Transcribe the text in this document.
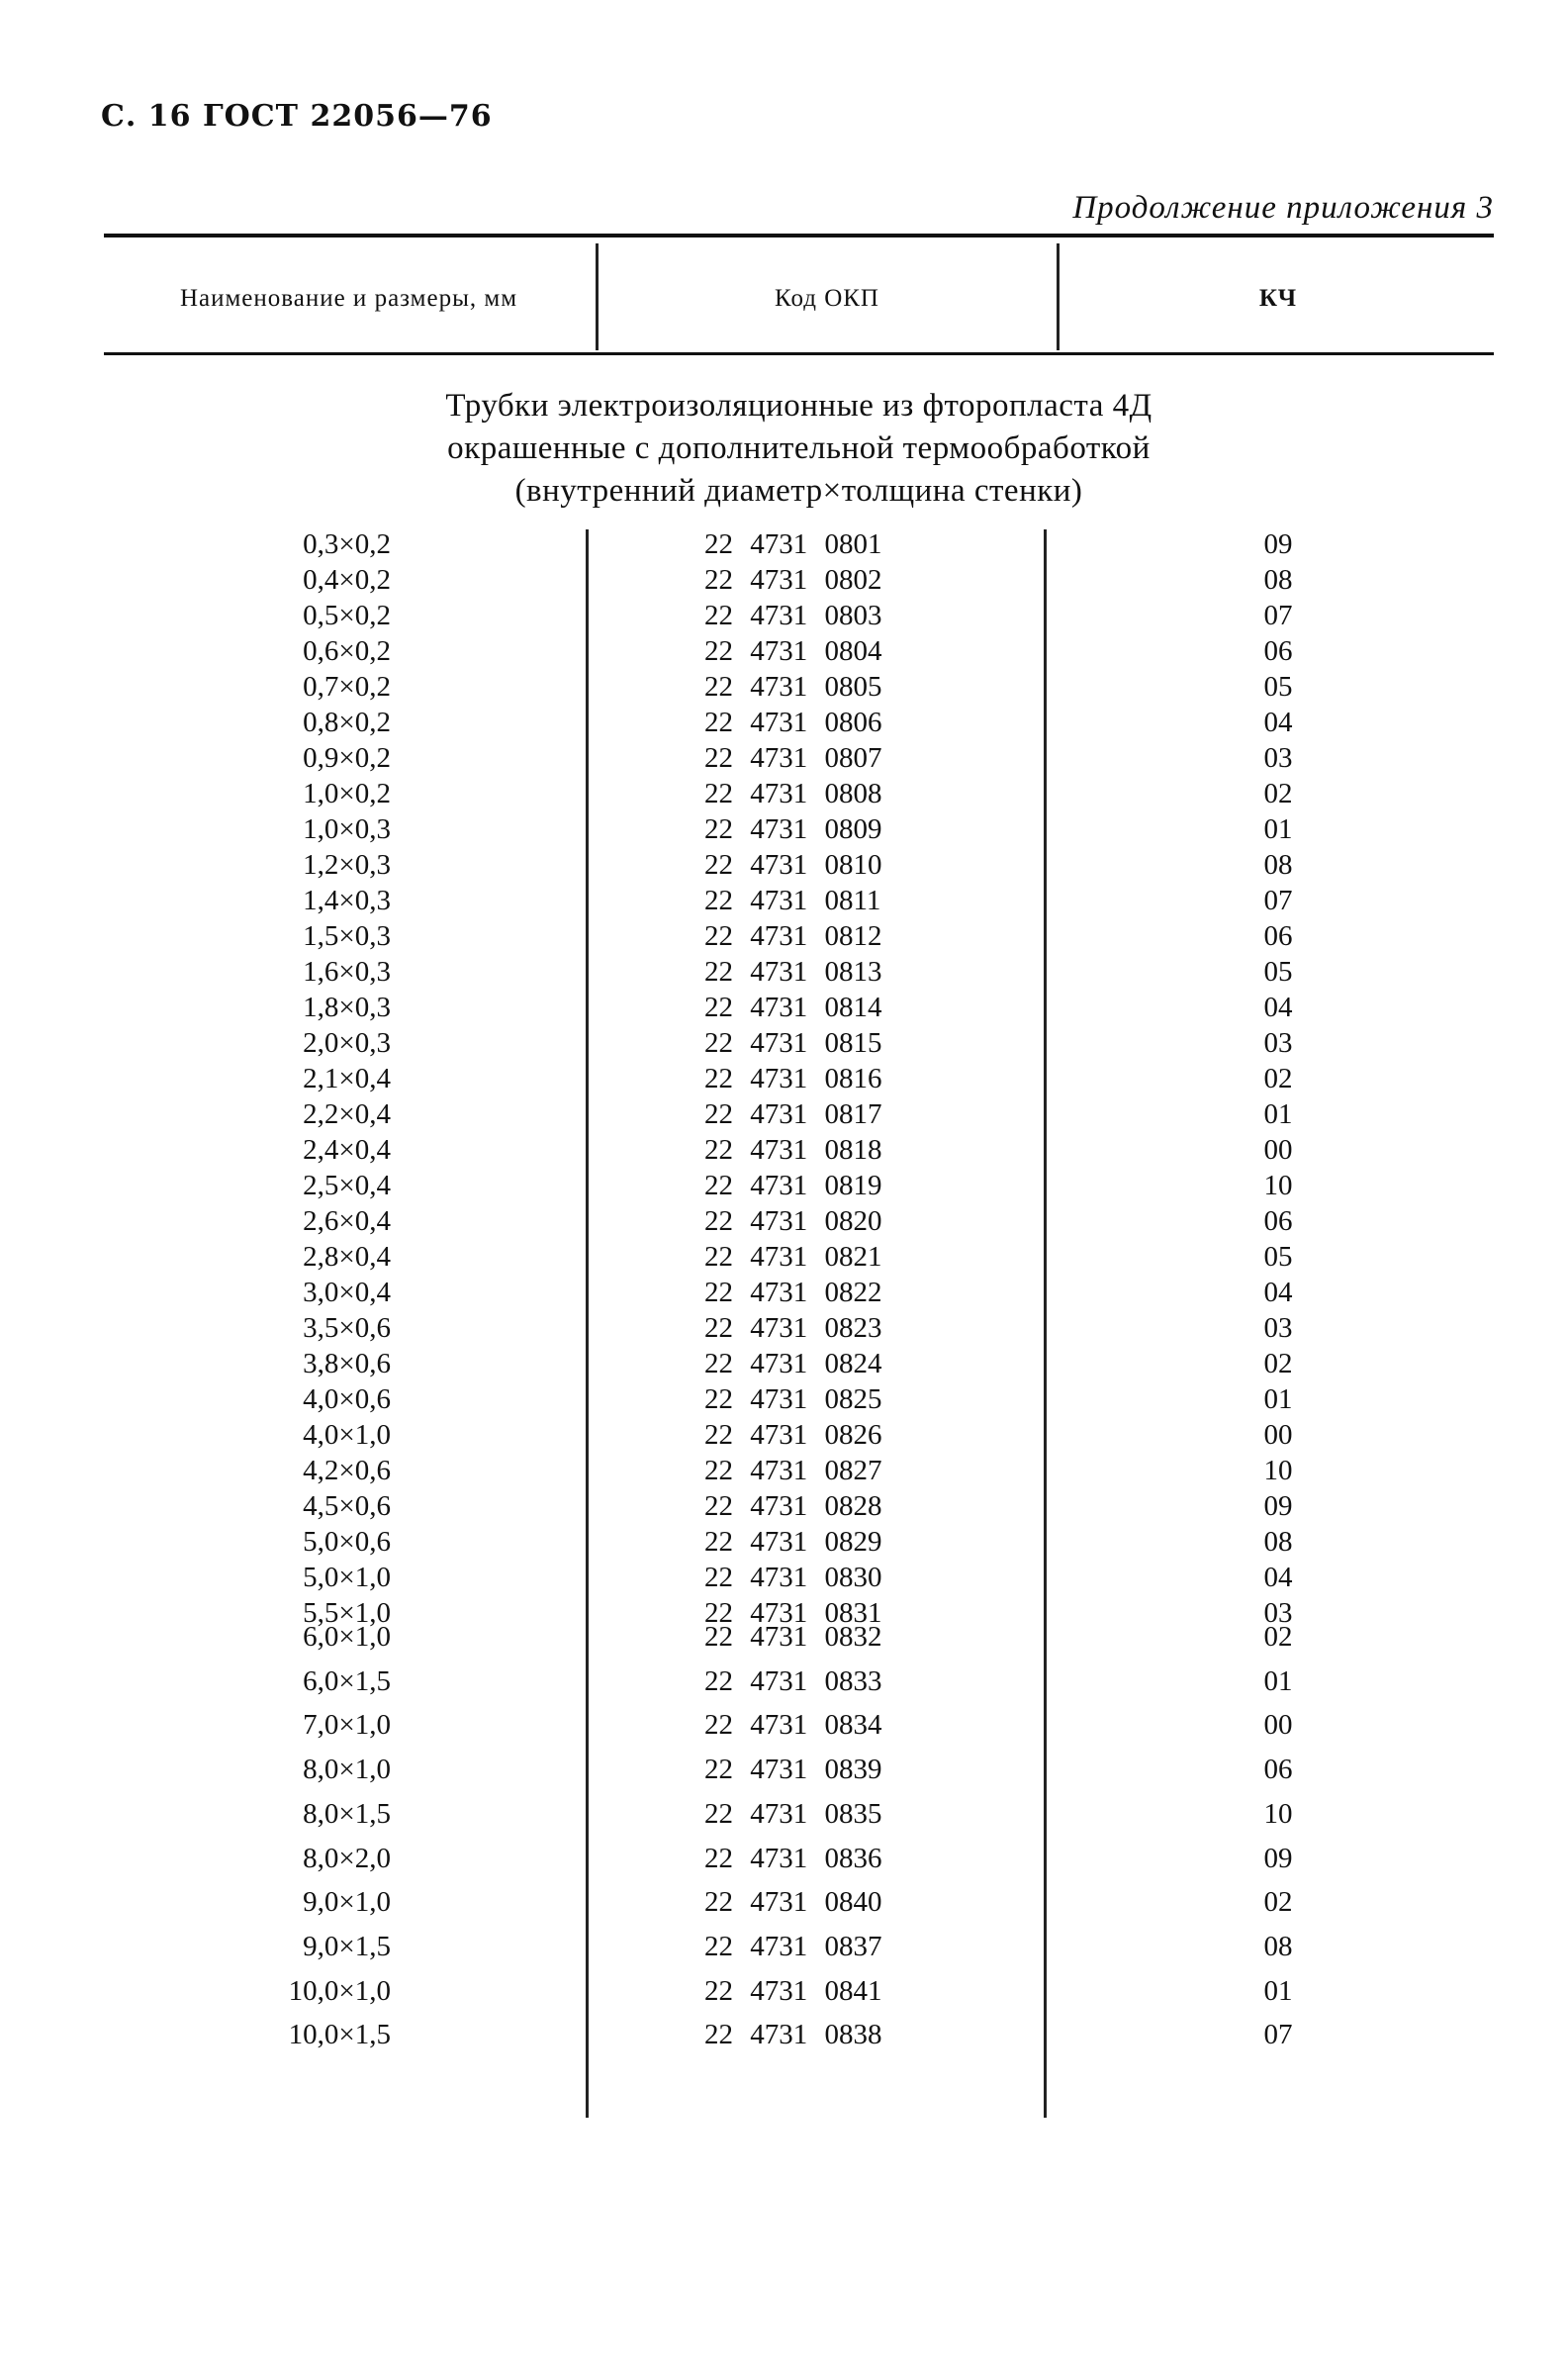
С. 16 ГОСТ 22056—76
Продолжение приложения 3
Наименование и размеры, мм	Код ОКП	КЧ
Трубки электроизоляционные из фторопласта 4Д
окрашенные с дополнительной термообработкой
(внутренний диаметр×толщина стенки)
0,3×0,2	22 4731 0801	09
0,4×0,2	22 4731 0802	08
0,5×0,2	22 4731 0803	07
0,6×0,2	22 4731 0804	06
0,7×0,2	22 4731 0805	05
0,8×0,2	22 4731 0806	04
0,9×0,2	22 4731 0807	03
1,0×0,2	22 4731 0808	02
1,0×0,3	22 4731 0809	01
1,2×0,3	22 4731 0810	08
1,4×0,3	22 4731 0811	07
1,5×0,3	22 4731 0812	06
1,6×0,3	22 4731 0813	05
1,8×0,3	22 4731 0814	04
2,0×0,3	22 4731 0815	03
2,1×0,4	22 4731 0816	02
2,2×0,4	22 4731 0817	01
2,4×0,4	22 4731 0818	00
2,5×0,4	22 4731 0819	10
2,6×0,4	22 4731 0820	06
2,8×0,4	22 4731 0821	05
3,0×0,4	22 4731 0822	04
3,5×0,6	22 4731 0823	03
3,8×0,6	22 4731 0824	02
4,0×0,6	22 4731 0825	01
4,0×1,0	22 4731 0826	00
4,2×0,6	22 4731 0827	10
4,5×0,6	22 4731 0828	09
5,0×0,6	22 4731 0829	08
5,0×1,0	22 4731 0830	04
5,5×1,0	22 4731 0831	03
6,0×1,0	22 4731 0832	02
6,0×1,5	22 4731 0833	01
7,0×1,0	22 4731 0834	00
8,0×1,0	22 4731 0839	06
8,0×1,5	22 4731 0835	10
8,0×2,0	22 4731 0836	09
9,0×1,0	22 4731 0840	02
9,0×1,5	22 4731 0837	08
10,0×1,0	22 4731 0841	01
10,0×1,5	22 4731 0838	07
